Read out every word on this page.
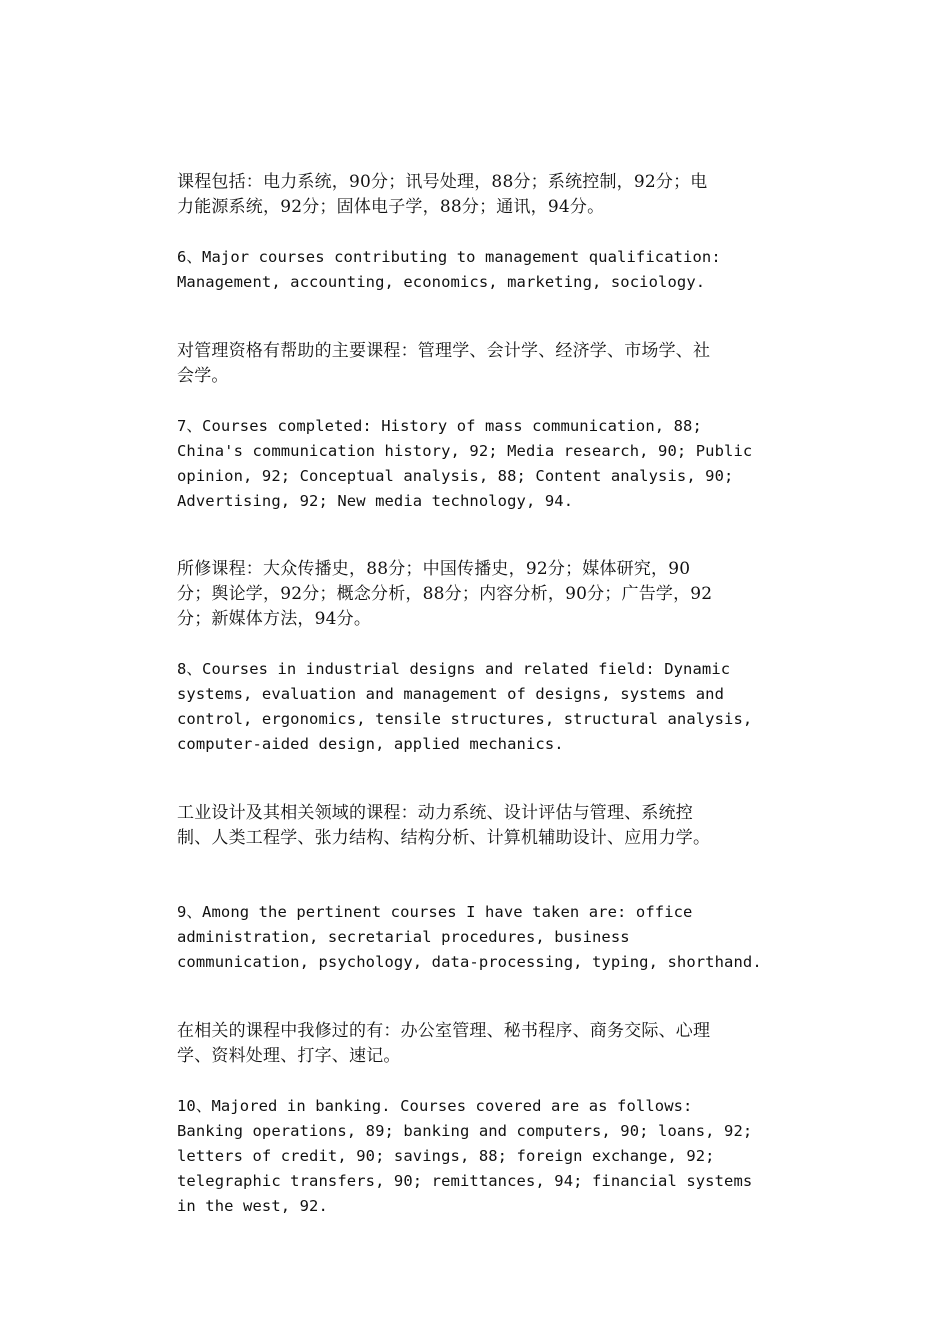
课程包括：电力系统，90分；讯号处理，88分；系统控制，92分；电
力能源系统，92分；固体电子学，88分；通讯，94分。

6、Major courses contributing to management qualification:
Management, accounting, economics, marketing, sociology.

对管理资格有帮助的主要课程：管理学、会计学、经济学、市场学、社
会学。

7、Courses completed: History of mass communication, 88;
China's communication history, 92; Media research, 90; Public
opinion, 92; Conceptual analysis, 88; Content analysis, 90;
Advertising, 92; New media technology, 94.

所修课程：大众传播史，88分；中国传播史，92分；媒体研究，90
分；舆论学，92分；概念分析，88分；内容分析，90分；广告学，92
分；新媒体方法，94分。

8、Courses in industrial designs and related field: Dynamic
systems, evaluation and management of designs, systems and
control, ergonomics, tensile structures, structural analysis,
computer-aided design, applied mechanics.

工业设计及其相关领域的课程：动力系统、设计评估与管理、系统控
制、人类工程学、张力结构、结构分析、计算机辅助设计、应用力学。

9、Among the pertinent courses I have taken are: office
administration, secretarial procedures, business
communication, psychology, data-processing, typing, shorthand.

在相关的课程中我修过的有：办公室管理、秘书程序、商务交际、心理
学、资料处理、打字、速记。

10、Majored in banking. Courses covered are as follows:
Banking operations, 89; banking and computers, 90; loans, 92;
letters of credit, 90; savings, 88; foreign exchange, 92;
telegraphic transfers, 90; remittances, 94; financial systems
in the west, 92.
